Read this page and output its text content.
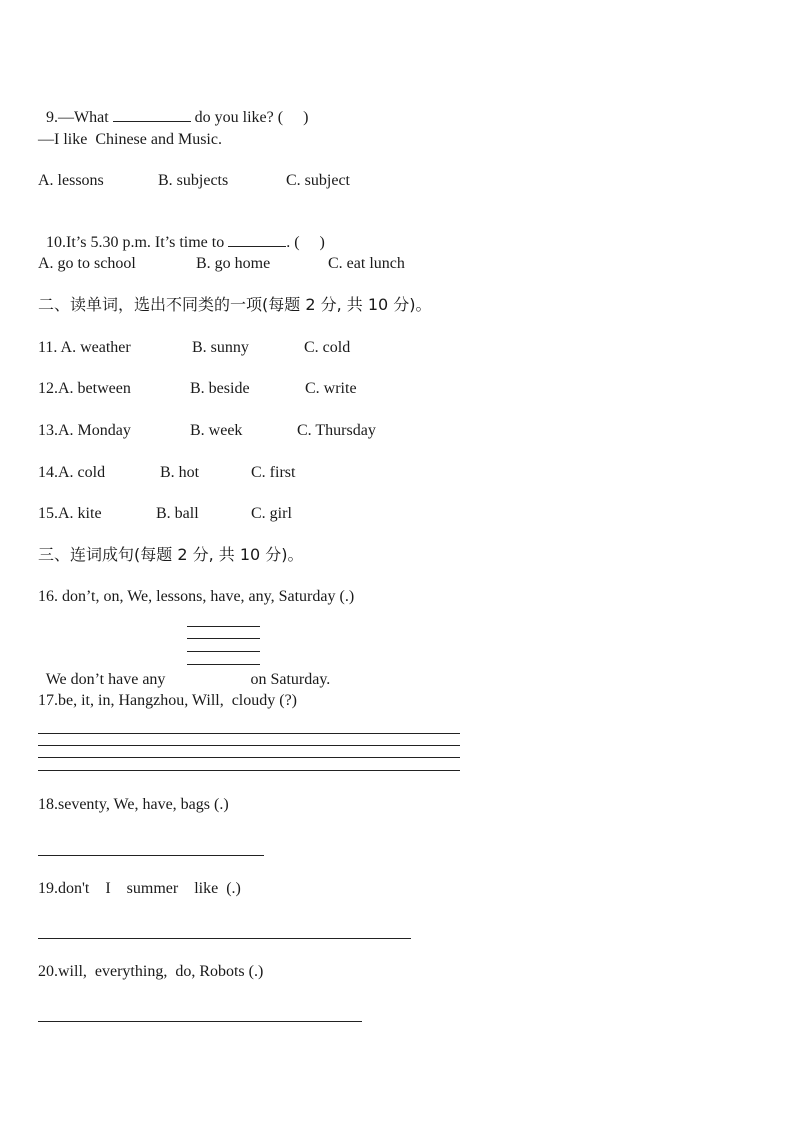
9.—What	do you like? (     )

—I like  Chinese and Music.
A. lessons	B. subjects	C. subject

10.It’s 5.30 p.m. It’s time to	. (     )

A. go to school	B. go home	C. eat lunch
二、读单词，选出不同类的一项(每题 2 分, 共 10 分)。
11. A. weather	B. sunny	C. cold
12.A. between	B. beside	C. write
13.A. Monday	B. week	C. Thursday
14.A. cold	B. hot	C. first
15.A. kite	B. ball	C. girl
三、连词成句(每题 2 分, 共 10 分)。
16. don’t, on, We, lessons, have, any, Saturday (.)

We don’t have any	on Saturday.

17.be, it, in, Hangzhou, Will,  cloudy (?)
18.seventy, We, have, bags (.)
19.don't    I    summer    like  (.)
20.will,  everything,  do, Robots (.)
